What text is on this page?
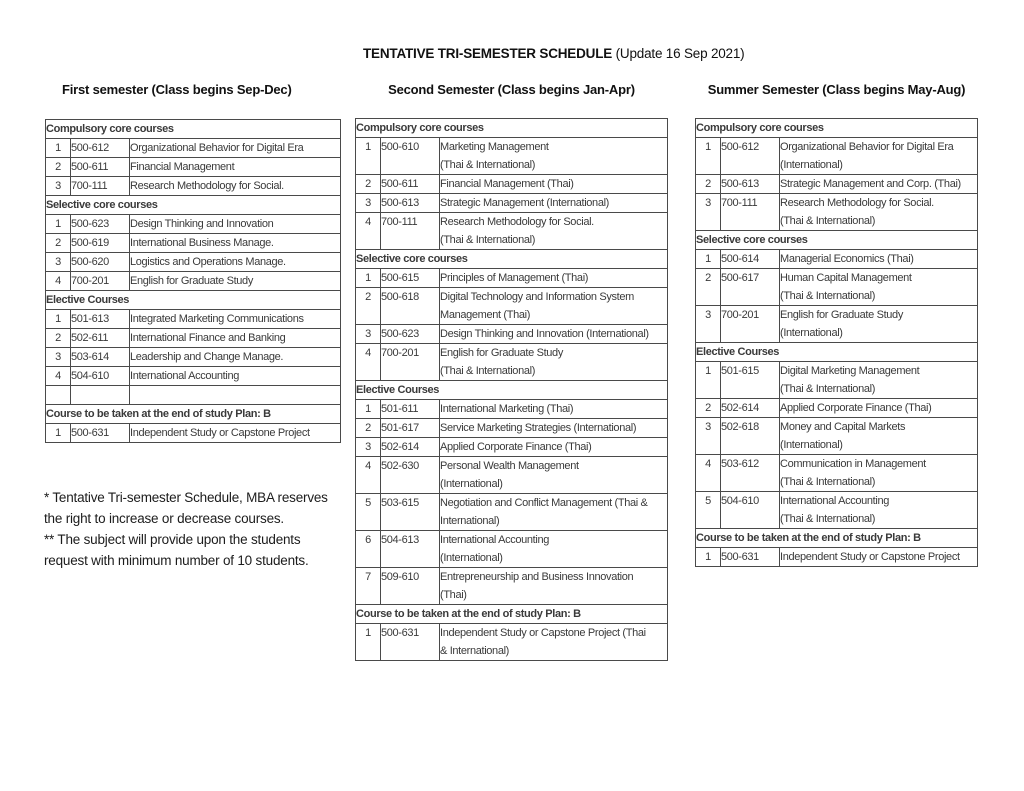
TENTATIVE TRI-SEMESTER SCHEDULE (Update 16 Sep 2021)
First semester (Class begins Sep-Dec)	Second Semester (Class begins Jan-Apr)	Summer Semester (Class begins May-Aug)
Compulsory core courses		
1	500-612	Organizational Behavior for Digital Era

2	500-611	Financial Management

3	700-111	Research Methodology for Social.

Selective core courses		
1	500-623	Design Thinking and Innovation

2	500-619	International Business Manage.

3	500-620	Logistics and Operations Manage.

4	700-201	English for Graduate Study

Elective Courses		
1	501-613	Integrated Marketing Communications

2	502-611	International Finance and Banking

3	503-614	Leadership and Change Manage.

4	504-610	International Accounting

Course to be taken at the end of study Plan: B		
1	500-631	Independent Study or Capstone Project
Compulsory core courses		
1	500-610	Marketing Management
(Thai & International)

2	500-611	Financial Management (Thai)

3	500-613	Strategic Management (International)

4	700-111	Research Methodology for Social.
(Thai & International)

Selective core courses		
1	500-615	Principles of Management (Thai)

2	500-618	Digital Technology and Information System
Management (Thai)

3	500-623	Design Thinking and Innovation (International)

4	700-201	English for Graduate Study
(Thai & International)

Elective Courses		
1	501-611	International Marketing (Thai)

2	501-617	Service Marketing Strategies (International)

3	502-614	Applied Corporate Finance (Thai)

4	502-630	Personal Wealth Management
(International)

5	503-615	Negotiation and Conflict Management (Thai &
International)

6	504-613	International Accounting
(International)

7	509-610	Entrepreneurship and Business Innovation
(Thai)

Course to be taken at the end of study Plan: B		
1	500-631	Independent Study or Capstone Project (Thai
& International)
Compulsory core courses		
1	500-612	Organizational Behavior for Digital Era
(International)

2	500-613	Strategic Management and Corp. (Thai)

3	700-111	Research Methodology for Social.
(Thai & International)

Selective core courses		
1	500-614	Managerial Economics (Thai)

2	500-617	Human Capital Management
(Thai & International)

3	700-201	English for Graduate Study
(International)

Elective Courses		
1	501-615	Digital Marketing Management
(Thai & International)

2	502-614	Applied Corporate Finance (Thai)

3	502-618	Money and Capital Markets
(International)

4	503-612	Communication in Management
(Thai & International)

5	504-610	International Accounting
(Thai & International)

Course to be taken at the end of study Plan: B		
1	500-631	Independent Study or Capstone Project
* Tentative Tri-semester Schedule, MBA reserves
the right to increase or decrease courses.
** The subject will provide upon the students
request with minimum number of 10 students.
